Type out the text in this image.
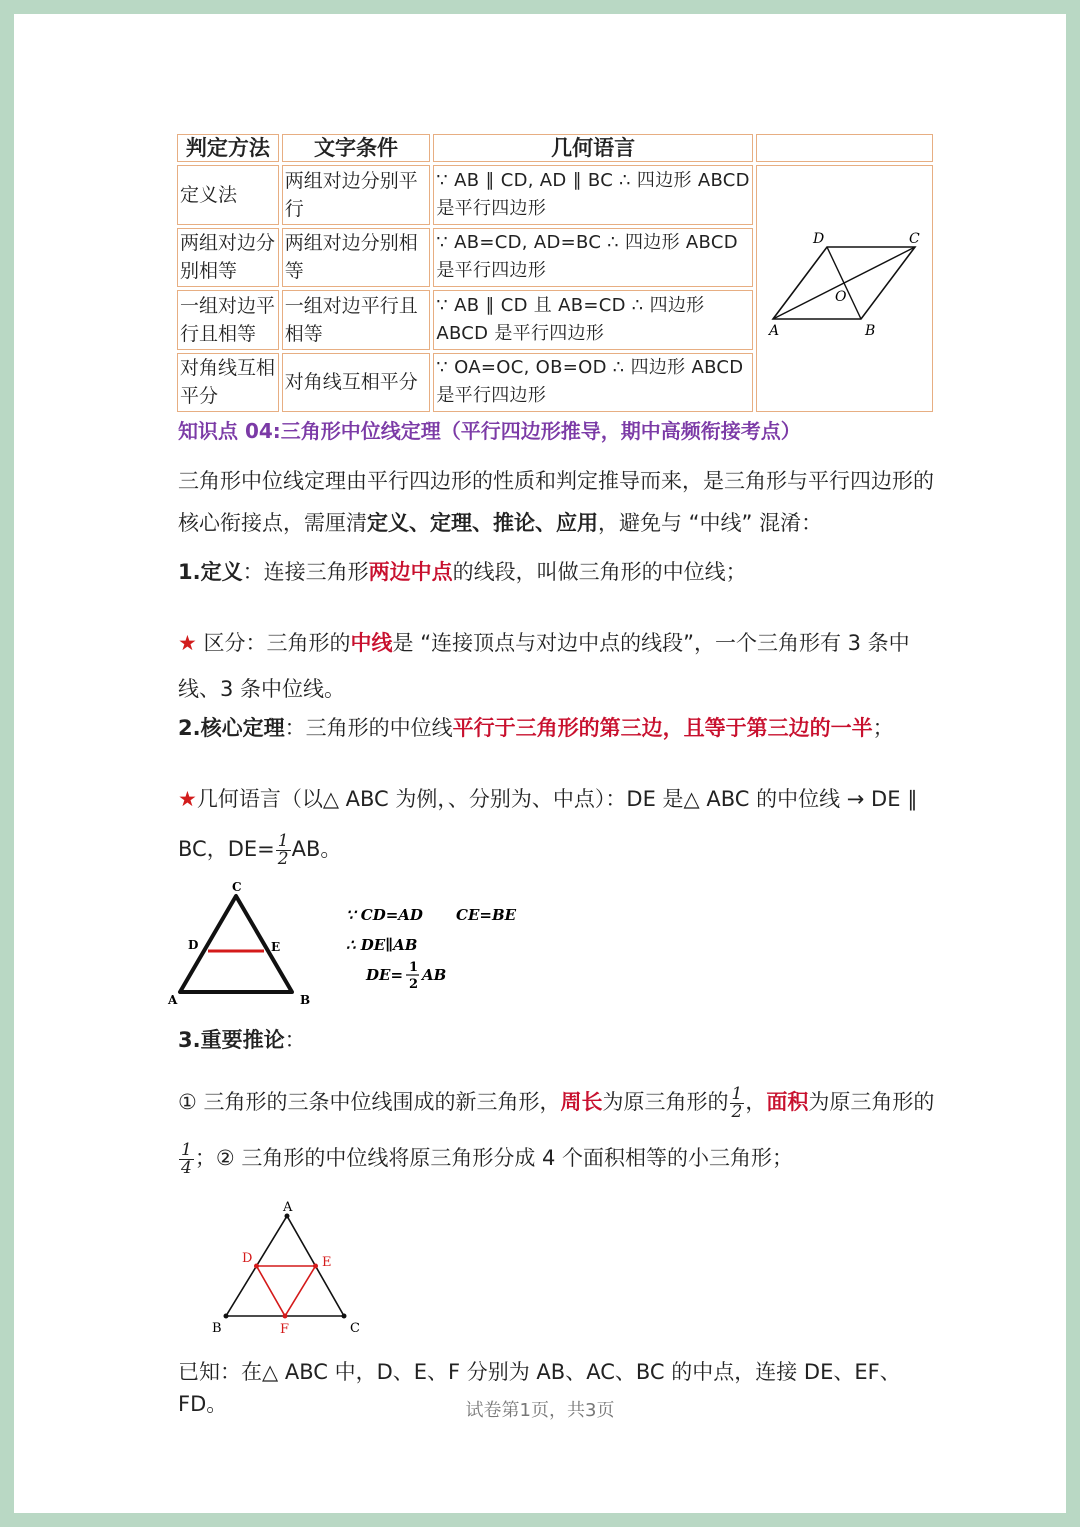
判定方法	文字条件	几何语言	
定义法	两组对边分别平行	∵ AB ∥ CD, AD ∥ BC ∴ 四边形 ABCD 是平行四边形	A B
C
D
O

两组对边分别相等	两组对边分别相等	∵ AB=CD, AD=BC ∴ 四边形 ABCD 是平行四边形	
一组对边平行且相等	一组对边平行且相等	∵ AB ∥ CD 且 AB=CD ∴ 四边形 ABCD 是平行四边形	
对角线互相平分	对角线互相平分	∵ OA=OC, OB=OD ∴ 四边形 ABCD 是平行四边形	
知识点 04:三角形中位线定理（平行四边形推导，期中高频衔接考点）
三角形中位线定理由平行四边形的性质和判定推导而来，是三角形与平行四边形的核心衔接点，需厘清定义、定理、推论、应用，避免与 “中线” 混淆：
1.定义：连接三角形两边中点的线段，叫做三角形的中位线；
★ 区分：三角形的中线是 “连接顶点与对边中点的线段”，一个三角形有 3 条中线、3 条中位线。
2.核心定理：三角形的中位线平行于三角形的第三边，且等于第三边的一半；
★几何语言（以△ ABC 为例，、分别为、中点）：DE 是△ ABC 的中位线 → DE ∥ BC，$DE= \frac{1}{2}$ AB。
C
D	E
A	B
∵ CD=AD CE=BE
∴ DE∥AB
DE= 1
2
AB
3.重要推论：
① 三角形的三条中位线围成的新三角形，周长为原三角形的 $\frac{1}{2}$ ，面积为原三角形的
$\frac{1}{4}$ ；② 三角形的中位线将原三角形分成 4 个面积相等的小三角形；
A
B	C
D	E
F
已知：在△ ABC 中，D、E、F 分别为 AB、AC、BC 的中点，连接 DE、EF、FD。	试卷第1页，共3页
